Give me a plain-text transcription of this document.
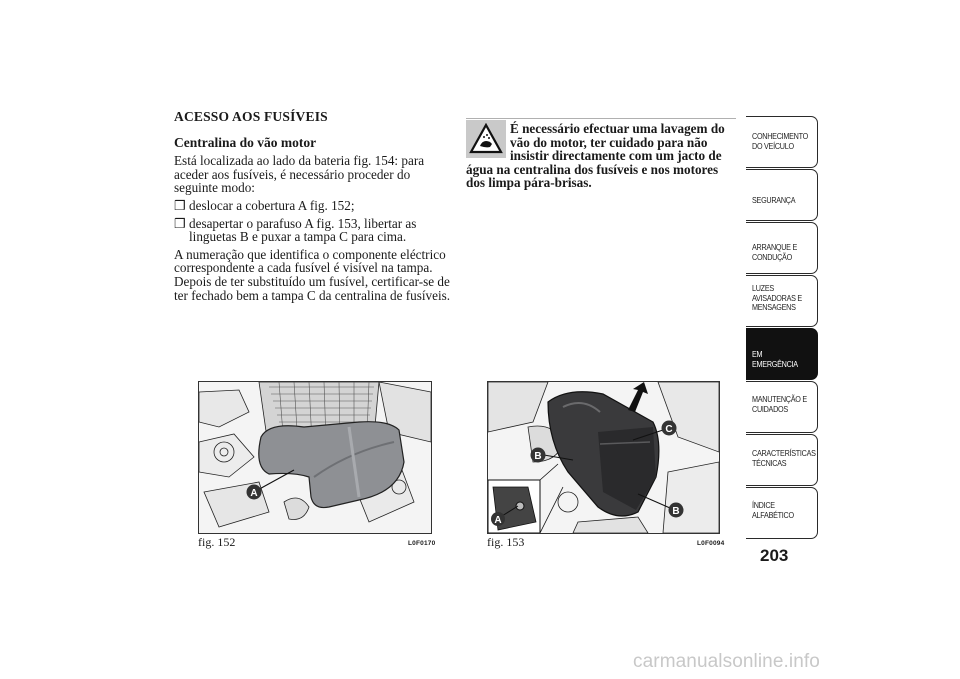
ACESSO AOS FUSÍVEIS
Centralina do vão motor
Está localizada ao lado da bateria fig. 154: para aceder aos fusíveis, é necessário proceder do seguinte modo:
❒ deslocar a cobertura A fig. 152;
❒ desapertar o parafuso A fig. 153, libertar as linguetas B e puxar a tampa C para cima.
A numeração que identifica o componente eléctrico correspondente a cada fusível é visível na tampa. Depois de ter substituído um fusível, certificar-se de ter fechado bem a tampa C da centralina de fusíveis.
É necessário efectuar uma lavagem do vão do motor, ter cuidado para não insistir directamente com um jacto de água na centralina dos fusíveis e nos motores dos limpa pára-brisas.
A
fig. 152	L0F0170
C
B
B
A
fig. 153	L0F0094
CONHECIMENTO
DO VEÍCULO
SEGURANÇA
ARRANQUE E
CONDUÇÃO
LUZES
AVISADORAS E
MENSAGENS
EM EMERGÊNCIA
MANUTENÇÃO E
CUIDADOS
CARACTERÍSTICAS
TÉCNICAS
ÍNDICE
ALFABÉTICO
203
carmanualsonline.info
